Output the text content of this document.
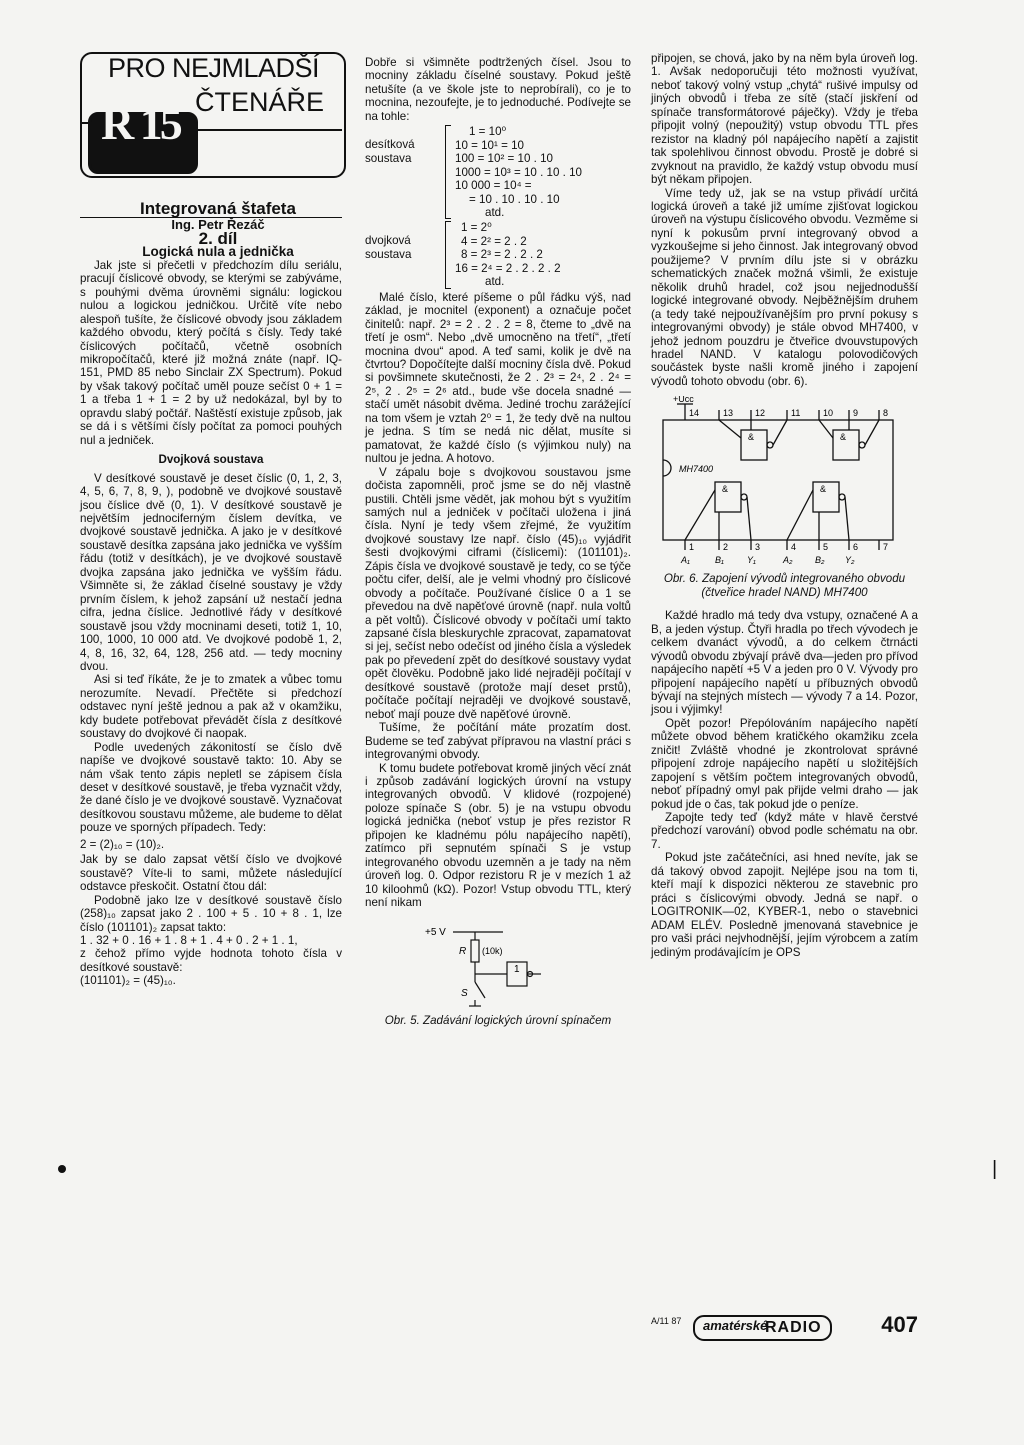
PRO NEJMLADŠÍ
ČTENÁŘE
R 15

Integrovaná štafeta

Ing. Petr Řezáč

2. díl

Logická nula a jednička

Jak jste si přečetli v předchozím dílu seriálu, pracují číslicové obvody, se kterými se zabýváme, s pouhými dvěma úrovněmi signálu: logickou nulou a logickou jedničkou. Určitě víte nebo alespoň tušíte, že číslicové obvody jsou základem každého obvodu, který počítá s čísly. Tedy také číslicových počítačů, včetně osobních mikropočítačů, které již možná znáte (např. IQ-151, PMD 85 nebo Sinclair ZX Spectrum). Pokud by však takový počítač uměl pouze sečíst 0 + 1 = 1 a třeba 1 + 1 = 2 by už nedokázal, byl by to opravdu slabý počtář. Naštěstí existuje způsob, jak se dá i s většími čísly počítat za pomoci pouhých nul a jedniček.

Dvojková soustava

V desítkové soustavě je deset číslic (0, 1, 2, 3, 4, 5, 6, 7, 8, 9, ), podobně ve dvojkové soustavě jsou číslice dvě (0, 1). V desítkové soustavě je největším jednociferným číslem devítka, ve dvojkové soustavě jednička. A jako je v desítkové soustavě desítka zapsána jako jednička ve vyšším řádu (totiž v desítkách), je ve dvojkové soustavě dvojka zapsána jako jednička ve vyšším řádu. Všimněte si, že základ číselné soustavy je vždy prvním číslem, k jehož zapsání už nestačí jedna cifra, jedna číslice. Jednotlivé řády v desítkové soustavě jsou vždy mocninami deseti, totiž 1, 10, 100, 1000, 10 000 atd. Ve dvojkové podobě 1, 2, 4, 8, 16, 32, 64, 128, 256 atd. — tedy mocniny dvou.

Asi si teď říkáte, že je to zmatek a vůbec tomu nerozumíte. Nevadí. Přečtěte si předchozí odstavec nyní ještě jednou a pak až v okamžiku, kdy budete potřebovat převádět čísla z desítkové soustavy do dvojkové či naopak.

Podle uvedených zákonitostí se číslo dvě napíše ve dvojkové soustavě takto: 10. Aby se nám však tento zápis nepletl se zápisem čísla deset v desítkové soustavě, je třeba vyznačit vždy, že dané číslo je ve dvojkové soustavě. Vyznačovat desítkovou soustavu můžeme, ale budeme to dělat pouze ve sporných případech. Tedy:

2 = (2)₁₀ = (10)₂.

Jak by se dalo zapsat větší číslo ve dvojkové soustavě? Víte-li to sami, můžete následující odstavce přeskočit. Ostatní čtou dál:

Podobně jako lze v desítkové soustavě číslo (258)₁₀ zapsat jako 2 . 100 + 5 . 10 + 8 . 1, lze číslo (101101)₂ zapsat takto:

1 . 32 + 0 . 16 + 1 . 8 + 1 . 4 + 0 . 2 + 1 . 1,

z čehož přímo vyjde hodnota tohoto čísla v desítkové soustavě:

(101101)₂ = (45)₁₀.

Dobře si všimněte podtržených čísel. Jsou to mocniny základu číselné soustavy. Pokud ještě netušíte (a ve škole jste to neprobírali), co je to mocnina, nezoufejte, je to jednoduché. Podívejte se na tohle:

desítková
soustava
1 = 10⁰
10 = 10¹ = 10
100 = 10² = 10 . 10
1000 = 10³ = 10 . 10 . 10
10 000 = 10⁴ =
= 10 . 10 . 10 . 10
atd.
dvojková
soustava
1 = 2⁰
4 = 2² = 2 . 2
8 = 2³ = 2 . 2 . 2
16 = 2⁴ = 2 . 2 . 2 . 2
atd.

Malé číslo, které píšeme o půl řádku výš, nad základ, je mocnitel (exponent) a označuje počet činitelů: např. 2³ = 2 . 2 . 2 = 8, čteme to „dvě na třetí je osm“. Nebo „dvě umocněno na třetí“, „třetí mocnina dvou“ apod. A teď sami, kolik je dvě na čtvrtou? Dopočítejte další mocniny čísla dvě. Pokud si povšimnete skutečnosti, že 2 . 2³ = 2⁴, 2 . 2⁴ = 2⁵, 2 . 2⁵ = 2⁶ atd., bude vše docela snadné — stačí umět násobit dvěma. Jediné trochu zarážející na tom všem je vztah 2⁰ = 1, že tedy dvě na nultou je jedna. S tím se nedá nic dělat, musíte si pamatovat, že každé číslo (s výjimkou nuly) na nultou je jedna. A hotovo.

V zápalu boje s dvojkovou soustavou jsme dočista zapomněli, proč jsme se do něj vlastně pustili. Chtěli jsme vědět, jak mohou být s využitím samých nul a jedniček v počítači uložena i jiná čísla. Nyní je tedy všem zřejmé, že využitím dvojkové soustavy lze např. číslo (45)₁₀ vyjádřit šesti dvojkovými ciframi (číslicemi): (101101)₂. Zápis čísla ve dvojkové soustavě je tedy, co se týče počtu cifer, delší, ale je velmi vhodný pro číslicové obvody a počítače. Používané číslice 0 a 1 se převedou na dvě napěťové úrovně (např. nula voltů a pět voltů). Číslicové obvody v počítači umí takto zapsané čísla bleskurychle zpracovat, zapamatovat si jej, sečíst nebo odečíst od jiného čísla a výsledek pak po převedení zpět do desítkové soustavy vydat opět člověku. Podobně jako lidé nejraději počítají v desítkové soustavě (protože mají deset prstů), počítače počítají nejraději ve dvojkové soustavě, neboť mají pouze dvě napěťové úrovně.

Tušíme, že počítání máte prozatím dost. Budeme se teď zabývat přípravou na vlastní práci s integrovanými obvody.

K tomu budete potřebovat kromě jiných věcí znát i způsob zadávání logických úrovní na vstupy integrovaných obvodů. V klidové (rozpojené) poloze spínače S (obr. 5) je na vstupu obvodu logická jednička (neboť vstup je přes rezistor R připojen ke kladnému pólu napájecího napětí), zatímco při sepnutém spínači S je vstup integrovaného obvodu uzemněn a je tady na něm úroveň log. 0. Odpor rezistoru R je v mezích 1 až 10 kiloohmů (kΩ). Pozor! Vstup obvodu TTL, který není nikam

+5 V
R (10k)
1
S
Obr. 5. Zadávání logických úrovní spínačem

připojen, se chová, jako by na něm byla úroveň log. 1. Avšak nedoporučuji této možnosti využívat, neboť takový volný vstup „chytá“ rušivé impulsy od jiných obvodů i třeba ze sítě (stačí jiskření od spínače transformátorové páječky). Vždy je třeba připojit volný (nepoužitý) vstup obvodu TTL přes rezistor na kladný pól napájecího napětí a zajistit tak spolehlivou činnost obvodu. Prostě je dobré si zvyknout na pravidlo, že každý vstup obvodu musí být někam připojen.

Víme tedy už, jak se na vstup přivádí určitá logická úroveň a také již umíme zjišťovat logickou úroveň na výstupu číslicového obvodu. Vezměme si nyní k pokusům první integrovaný obvod a vyzkoušejme si jeho činnost. Jak integrovaný obvod použijeme? V prvním dílu jste si v obrázku schematických značek možná všimli, že existuje několik druhů hradel, což jsou nejjednodušší logické integrované obvody. Nejběžnějším druhem (a tedy také nejpoužívanějším pro první pokusy s integrovanými obvody) je stále obvod MH7400, v jehož jednom pouzdru je čtveřice dvouvstupových hradel NAND. V katalogu polovodičových součástek byste našli kromě jiného i zapojení vývodů tohoto obvodu (obr. 6).

+Ucc
MH7400
14	13 12	11	10 9	8
1	2	3	4	5	6	7
A₁	B₁	Y₁	A₂	B₂ Y₂
&	&
&	&
Obr. 6. Zapojení vývodů integrovaného obvodu (čtveřice hradel NAND) MH7400

Každé hradlo má tedy dva vstupy, označené A a B, a jeden výstup. Čtyři hradla po třech vývodech je celkem dvanáct vývodů, a do celkem čtrnácti vývodů obvodu zbývají právě dva—jeden pro přívod napájecího napětí +5 V a jeden pro 0 V. Vývody pro připojení napájecího napětí u příbuzných obvodů bývají na stejných místech — vývody 7 a 14. Pozor, jsou i výjimky!

Opět pozor! Přepólováním napájecího napětí můžete obvod během kratičkého okamžiku zcela zničit! Zvláště vhodné je zkontrolovat správné připojení zdroje napájecího napětí u složitějších zapojení s větším počtem integrovaných obvodů, neboť případný omyl pak přijde velmi draho — jak pokud jde o čas, tak pokud jde o peníze.

Zapojte tedy teď (když máte v hlavě čerstvé předchozí varování) obvod podle schématu na obr. 7.

Pokud jste začátečníci, asi hned nevíte, jak se dá takový obvod zapojit. Nejlépe jsou na tom ti, kteří mají k dispozici některou ze stavebnic pro práci s číslicovými obvody. Jedná se např. o LOGITRONIK—02, KYBER-1, nebo o stavebnici ADAM ELÉV. Posledně jmenovaná stavebnice je pro vaši práci nejvhodnější, jejím výrobcem a zatím jediným prodávajícím je OPS

A/11 87 amatérské
RADIO	407
|
